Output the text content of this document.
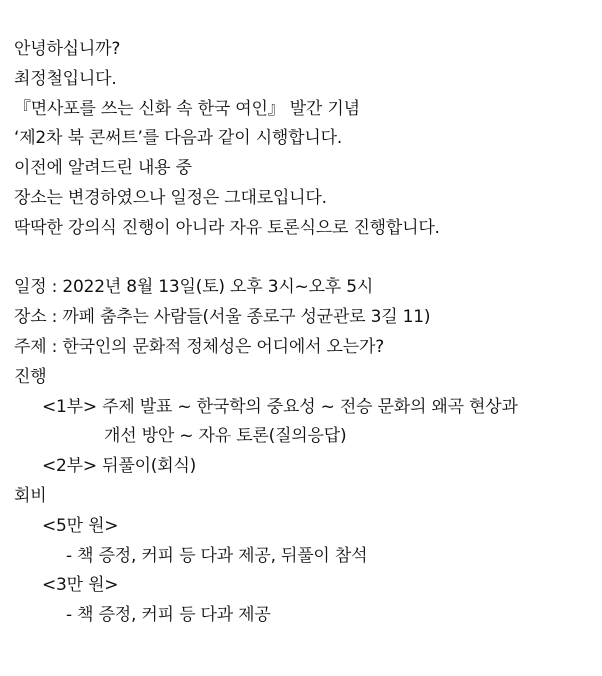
안녕하십니까?
최정철입니다.
『면사포를 쓰는 신화 속 한국 여인』 발간 기념
‘제2차 북 콘써트’를 다음과 같이 시행합니다.
이전에 알려드린 내용 중
장소는 변경하였으나 일정은 그대로입니다.
딱딱한 강의식 진행이 아니라 자유 토론식으로 진행합니다.
일정 : 2022년 8월 13일(토) 오후 3시~오후 5시
장소 : 까페 춤추는 사람들(서울 종로구 성균관로 3길 11)
주제 : 한국인의 문화적 정체성은 어디에서 오는가?
진행
<1부> 주제 발표 ~ 한국학의 중요성 ~ 전승 문화의 왜곡 현상과
개선 방안 ~ 자유 토론(질의응답)
<2부> 뒤풀이(회식)
회비
<5만 원>
- 책 증정, 커피 등 다과 제공, 뒤풀이 참석
<3만 원>
- 책 증정, 커피 등 다과 제공
